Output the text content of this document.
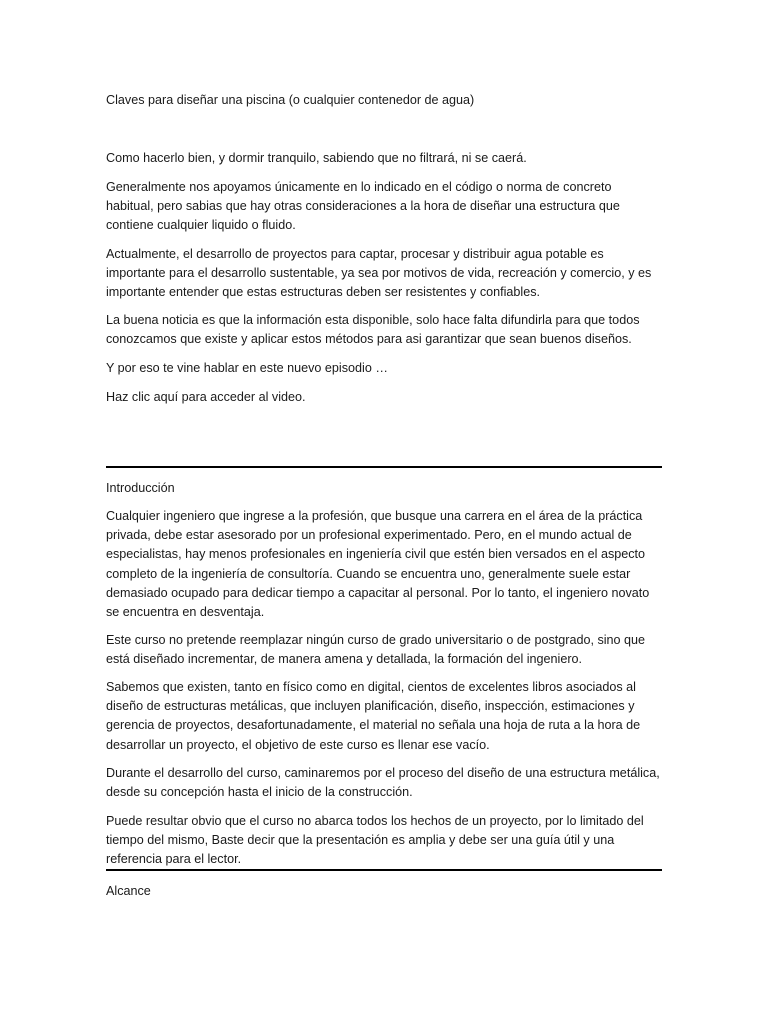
Claves para diseñar una piscina (o cualquier contenedor de agua)

Como hacerlo bien, y dormir tranquilo, sabiendo que no filtrará, ni se caerá.

Generalmente nos apoyamos únicamente en lo indicado en el código o norma de concreto habitual, pero sabias que hay otras consideraciones a la hora de diseñar una estructura que contiene cualquier liquido o fluido.

Actualmente, el desarrollo de proyectos para captar, procesar y distribuir agua potable es importante para el desarrollo sustentable, ya sea por motivos de vida, recreación y comercio, y es importante entender que estas estructuras deben ser resistentes y confiables.

La buena noticia es que la información esta disponible, solo hace falta difundirla para que todos conozcamos que existe y aplicar estos métodos para asi garantizar que sean buenos diseños.

Y por eso te vine hablar en este nuevo episodio …

Haz clic aquí para acceder al video.

Introducción

Cualquier ingeniero que ingrese a la profesión, que busque una carrera en el área de la práctica privada, debe estar asesorado por un profesional experimentado. Pero, en el mundo actual de especialistas, hay menos profesionales en ingeniería civil que estén bien versados en el aspecto completo de la ingeniería de consultoría. Cuando se encuentra uno, generalmente suele estar demasiado ocupado para dedicar tiempo a capacitar al personal. Por lo tanto, el ingeniero novato se encuentra en desventaja.

Este curso no pretende reemplazar ningún curso de grado universitario o de postgrado, sino que está diseñado incrementar, de manera amena y detallada, la formación del ingeniero.

Sabemos que existen, tanto en físico como en digital, cientos de excelentes libros asociados al diseño de estructuras metálicas, que incluyen planificación, diseño, inspección, estimaciones y gerencia de proyectos, desafortunadamente, el material no señala una hoja de ruta a la hora de desarrollar un proyecto, el objetivo de este curso es llenar ese vacío.

Durante el desarrollo del curso, caminaremos por el proceso del diseño de una estructura metálica, desde su concepción hasta el inicio de la construcción.

Puede resultar obvio que el curso no abarca todos los hechos de un proyecto, por lo limitado del tiempo del mismo, Baste decir que la presentación es amplia y debe ser una guía útil y una referencia para el lector.

Alcance
